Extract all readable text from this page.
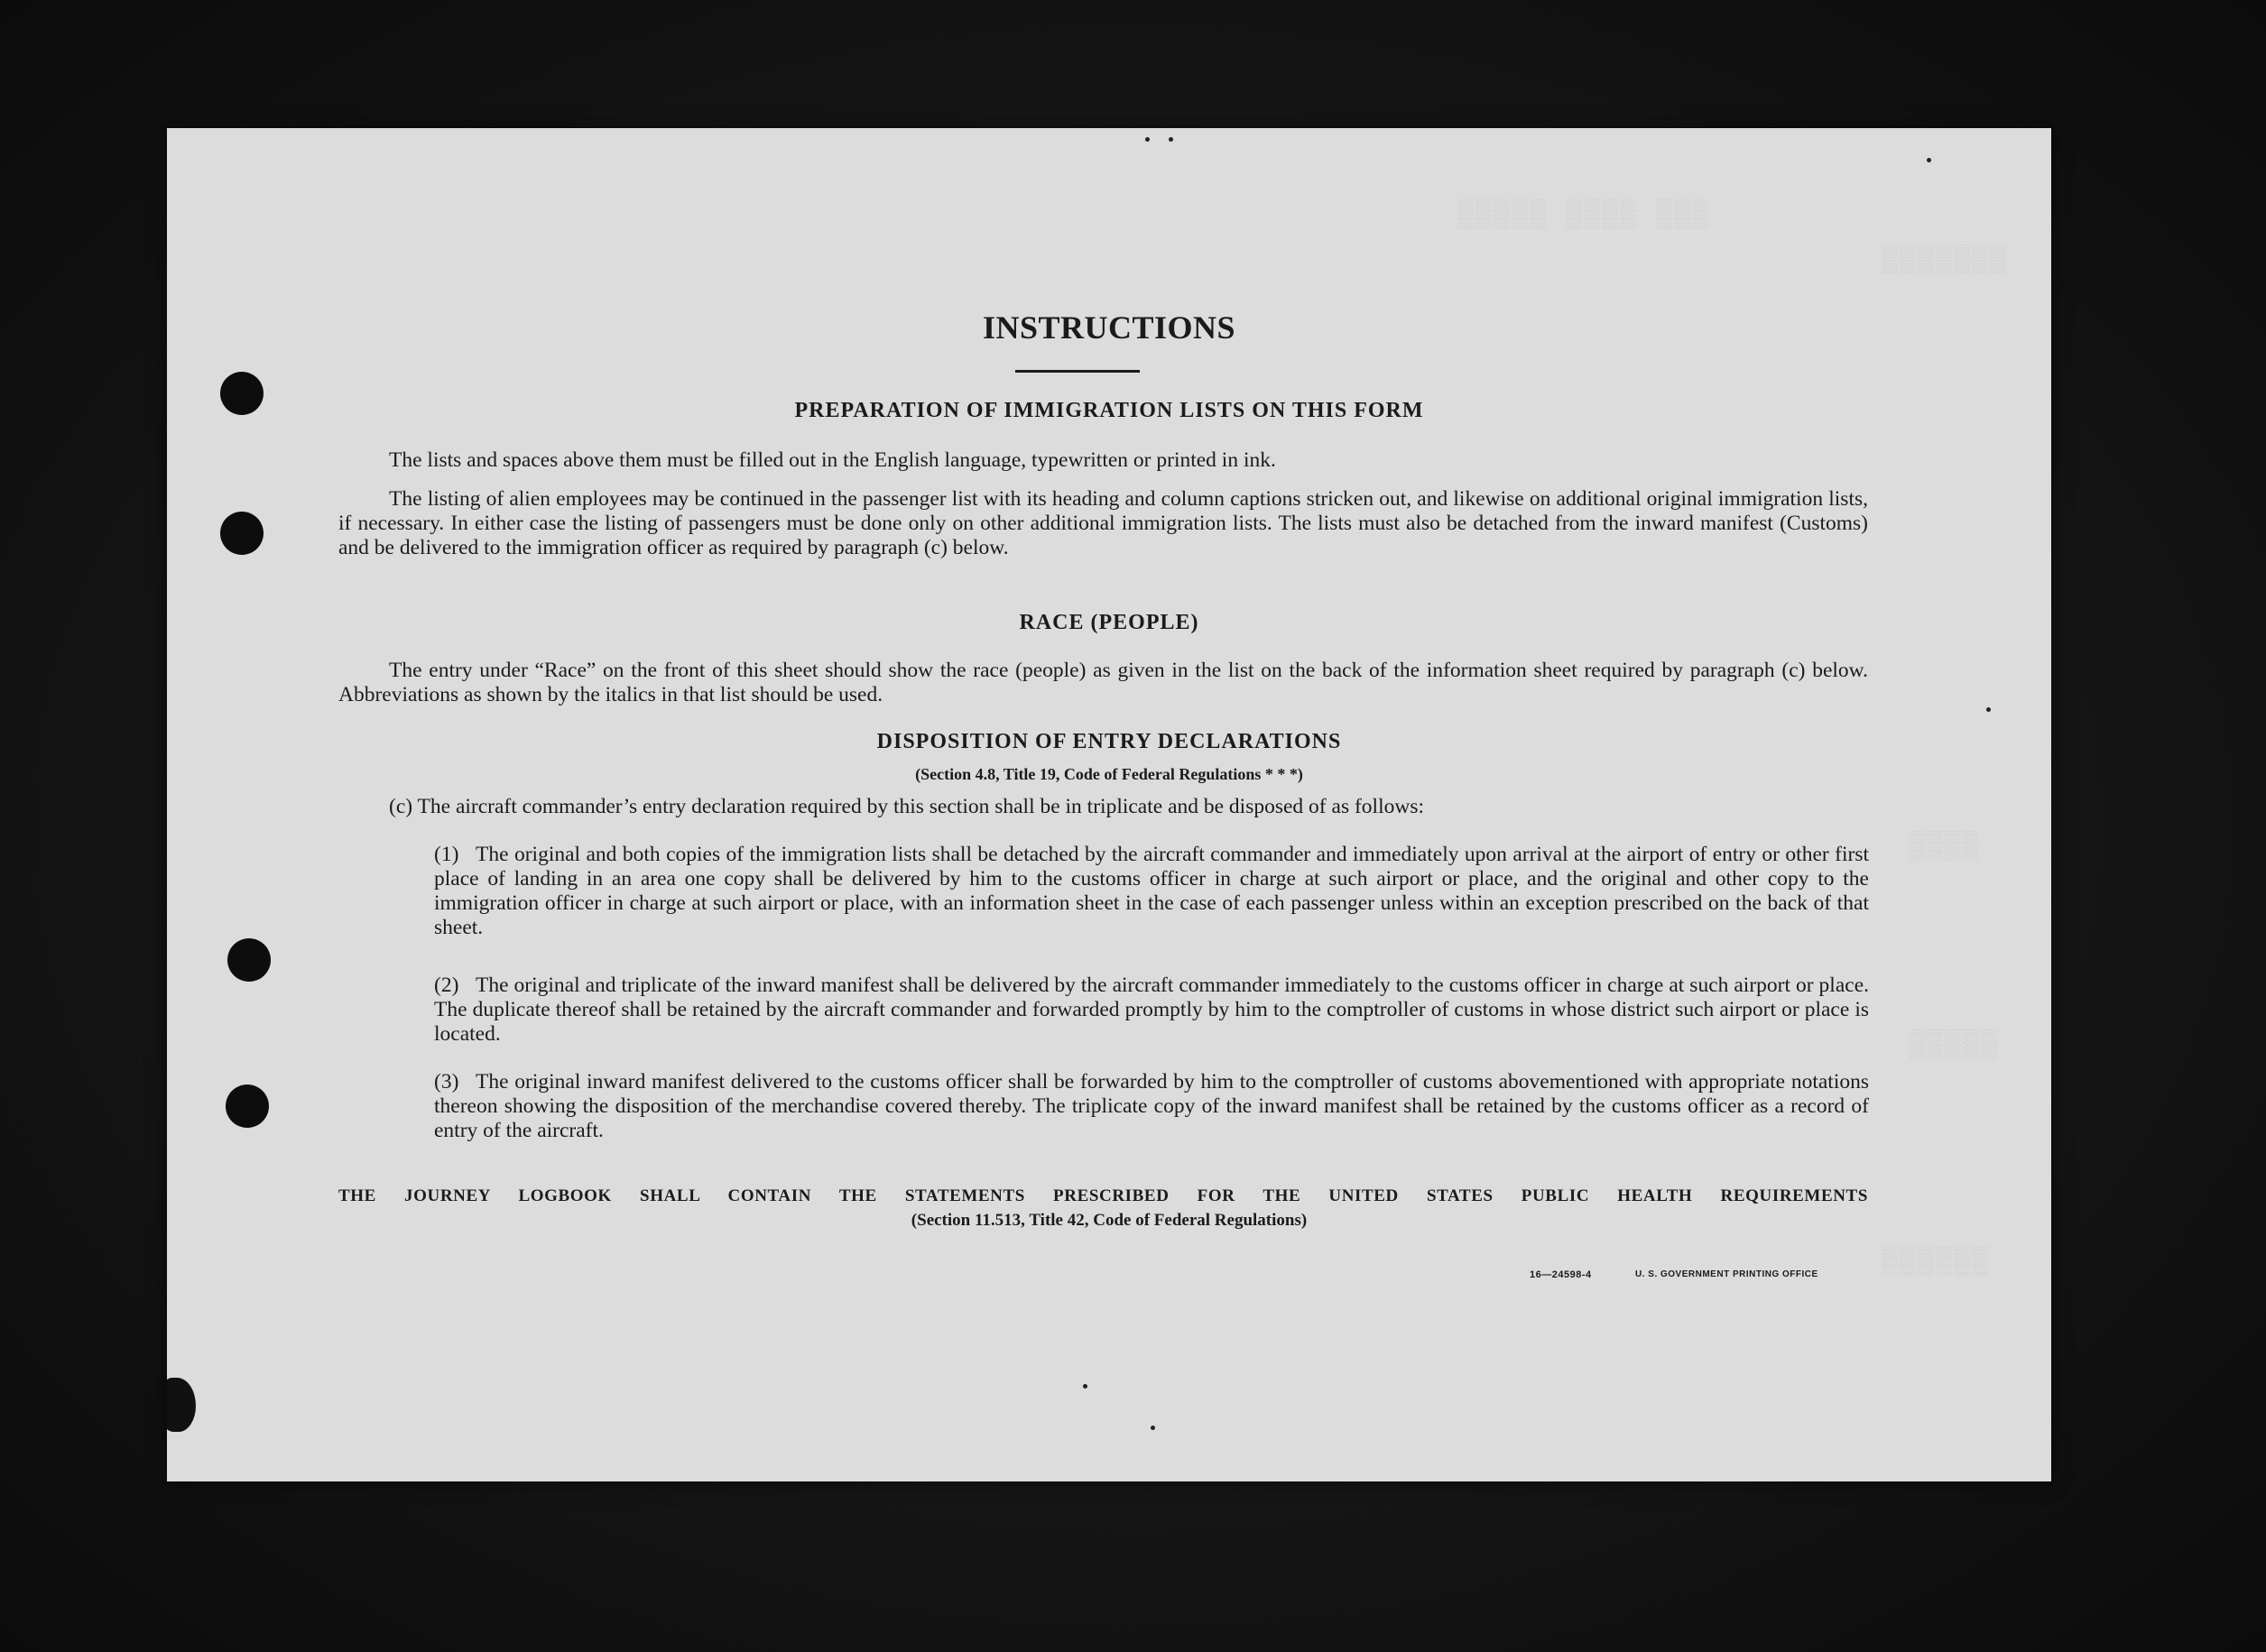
▒▒▒▒▒ ▒▒▒▒ ▒▒▒
▒▒▒▒▒▒▒
▒▒▒▒
▒▒▒▒▒
▒▒▒▒▒▒
INSTRUCTIONS
PREPARATION OF IMMIGRATION LISTS ON THIS FORM
The lists and spaces above them must be filled out in the English language, typewritten or printed in ink.
The listing of alien employees may be continued in the passenger list with its heading and column captions stricken out, and likewise on additional original immigration lists, if necessary. In either case the listing of passengers must be done only on other additional immigration lists. The lists must also be detached from the inward manifest (Customs) and be delivered to the immigration officer as required by paragraph (c) below.
RACE (PEOPLE)
The entry under “Race” on the front of this sheet should show the race (people) as given in the list on the back of the information sheet required by paragraph (c) below. Abbreviations as shown by the italics in that list should be used.
DISPOSITION OF ENTRY DECLARATIONS
(Section 4.8, Title 19, Code of Federal Regulations * * *)
(c) The aircraft commander’s entry declaration required by this section shall be in triplicate and be disposed of as follows:
(1) The original and both copies of the immigration lists shall be detached by the aircraft commander and immediately upon arrival at the airport of entry or other first place of landing in an area one copy shall be delivered by him to the customs officer in charge at such airport or place, and the original and other copy to the immigration officer in charge at such airport or place, with an information sheet in the case of each passenger unless within an exception prescribed on the back of that sheet.
(2) The original and triplicate of the inward manifest shall be delivered by the aircraft commander immediately to the customs officer in charge at such airport or place. The duplicate thereof shall be retained by the aircraft commander and forwarded promptly by him to the comptroller of customs in whose district such airport or place is located.
(3) The original inward manifest delivered to the customs officer shall be forwarded by him to the comptroller of customs abovementioned with appropriate notations thereon showing the disposition of the merchandise covered thereby. The triplicate copy of the inward manifest shall be retained by the customs officer as a record of entry of the aircraft.
THE JOURNEY LOGBOOK SHALL CONTAIN THE STATEMENTS PRESCRIBED FOR THE UNITED STATES PUBLIC HEALTH REQUIREMENTS
(Section 11.513, Title 42, Code of Federal Regulations)
16—24598-4	U. S. GOVERNMENT PRINTING OFFICE
